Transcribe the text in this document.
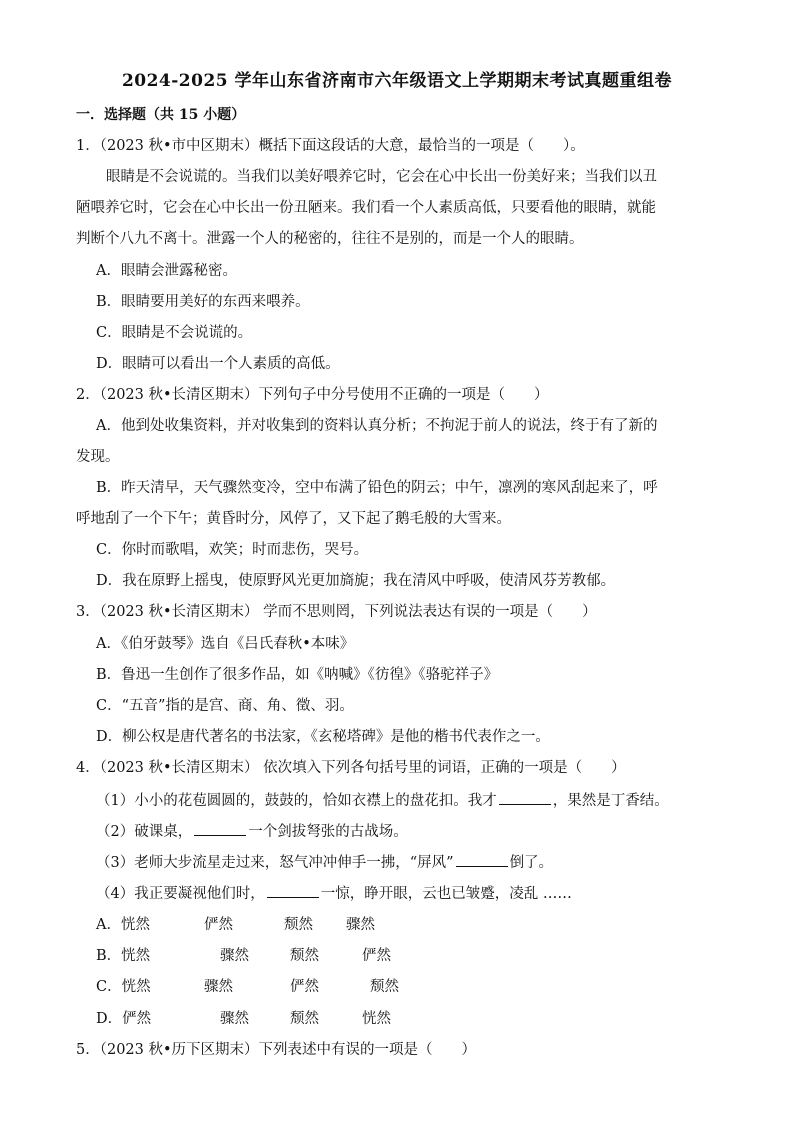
2024-2025 学年山东省济南市六年级语文上学期期末考试真题重组卷
一．选择题（共 15 小题）
1．（2023 秋•市中区期末）概括下面这段话的大意，最恰当的一项是（　　）。
眼睛是不会说谎的。当我们以美好喂养它时，它会在心中长出一份美好来；当我们以丑
陋喂养它时，它会在心中长出一份丑陋来。我们看一个人素质高低，只要看他的眼睛，就能
判断个八九不离十。泄露一个人的秘密的，往往不是别的，而是一个人的眼睛。
A．眼睛会泄露秘密。
B．眼睛要用美好的东西来喂养。
C．眼睛是不会说谎的。
D．眼睛可以看出一个人素质的高低。
2．（2023 秋•长清区期末）下列句子中分号使用不正确的一项是（　　）
A．他到处收集资料，并对收集到的资料认真分析；不拘泥于前人的说法，终于有了新的
发现。
B．昨天清早，天气骤然变冷，空中布满了铅色的阴云；中午，凛冽的寒风刮起来了，呼
呼地刮了一个下午；黄昏时分，风停了，又下起了鹅毛般的大雪来。
C．你时而歌唱，欢笑；时而悲伤，哭号。
D．我在原野上摇曳，使原野风光更加旖旎；我在清风中呼吸，使清风芬芳教郁。
3．（2023 秋•长清区期末） 学而不思则罔，下列说法表达有误的一项是（　　）
A．《伯牙鼓琴》选自《吕氏春秋•本味》
B．鲁迅一生创作了很多作品，如《呐喊》《彷徨》《骆驼祥子》
C．“五音”指的是宫、商、角、徵、羽。
D．柳公权是唐代著名的书法家，《玄秘塔碑》是他的楷书代表作之一。
4．（2023 秋•长清区期末） 依次填入下列各句括号里的词语，正确的一项是（　　）
（1）小小的花苞圆圆的，鼓鼓的，恰如衣襟上的盘花扣。我才	，果然是丁香结。
（2）破课桌，	一个剑拔弩张的古战场。
（3）老师大步流星走过来，怒气冲冲伸手一拂，“屏风”	倒了。
（4）我正要凝视他们时，	一惊，睁开眼，云也已皱蹙，凌乱 ……
A．恍然	俨然	颓然 骤然
B．恍然	骤然	颓然	俨然
C．恍然	骤然	俨然	颓然
D．俨然	骤然	颓然	恍然
5．（2023 秋•历下区期末）下列表述中有误的一项是（　　）
